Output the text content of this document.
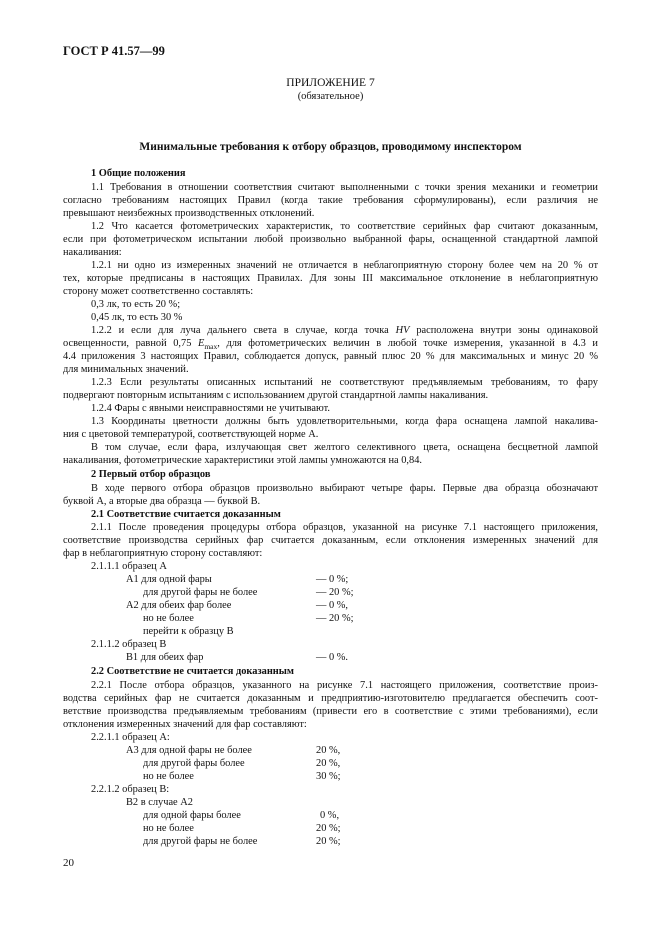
ГОСТ Р 41.57—99
ПРИЛОЖЕНИЕ 7
(обязательное)
Минимальные требования к отбору образцов, проводимому инспектором
1 Общие положения
1.1 Требования в отношении соответствия считают выполненными с точки зрения механики и геометрии
согласно требованиям настоящих Правил (когда такие требования сформулированы), если различия не
превышают неизбежных производственных отклонений.
1.2 Что касается фотометрических характеристик, то соответствие серийных фар считают доказанным,
если при фотометрическом испытании любой произвольно выбранной фары, оснащенной стандартной лампой
накаливания:
1.2.1 ни одно из измеренных значений не отличается в неблагоприятную сторону более чем на 20 % от
тех, которые предписаны в настоящих Правилах. Для зоны III максимальное отклонение в неблагоприятную
сторону может соответственно составлять:
0,3 лк, то есть 20 %;
0,45 лк, то есть 30 %
1.2.2 и если для луча дальнего света в случае, когда точка HV расположена внутри зоны одинаковой
освещенности, равной 0,75 $E_{max}$, для фотометрических величин в любой точке измерения, указанной в 4.3 и
4.4 приложения 3 настоящих Правил, соблюдается допуск, равный плюс 20 % для максимальных и минус 20 %
для минимальных значений.
1.2.3 Если результаты описанных испытаний не соответствуют предъявляемым требованиям, то фару
подвергают повторным испытаниям с использованием другой стандартной лампы накаливания.
1.2.4 Фары с явными неисправностями не учитывают.
1.3 Координаты цветности должны быть удовлетворительными, когда фара оснащена лампой накалива-
ния с цветовой температурой, соответствующей норме А.
В том случае, если фара, излучающая свет желтого селективного цвета, оснащена бесцветной лампой
накаливания, фотометрические характеристики этой лампы умножаются на 0,84.
2 Первый отбор образцов
В ходе первого отбора образцов произвольно выбирают четыре фары. Первые два образца обозначают
буквой А, а вторые два образца — буквой В.
2.1 Соответствие считается доказанным
2.1.1 После проведения процедуры отбора образцов, указанной на рисунке 7.1 настоящего приложения,
соответствие производства серийных фар считается доказанным, если отклонения измеренных значений для
фар в неблагоприятную сторону составляют:
2.1.1.1 образец А
А1 для одной фары	— 0 %;
для другой фары не более	— 20 %;
А2 для обеих фар более	— 0 %,
но не более	— 20 %;
перейти к образцу В
2.1.1.2 образец В
В1 для обеих фар	— 0 %.
2.2 Соответствие не считается доказанным
2.2.1 После отбора образцов, указанного на рисунке 7.1 настоящего приложения, соответствие произ-
водства серийных фар не считается доказанным и предприятию-изготовителю предлагается обеспечить соот-
ветствие производства предъявляемым требованиям (привести его в соответствие с этими требованиями), если
отклонения измеренных значений для фар составляют:
2.2.1.1 образец А:
А3 для одной фары не более	20 %,
для другой фары более	20 %,
но не более	30 %;
2.2.1.2 образец В:
В2 в случае А2
для одной фары более	0 %,
но не более	20 %;
для другой фары не более	20 %;
20
